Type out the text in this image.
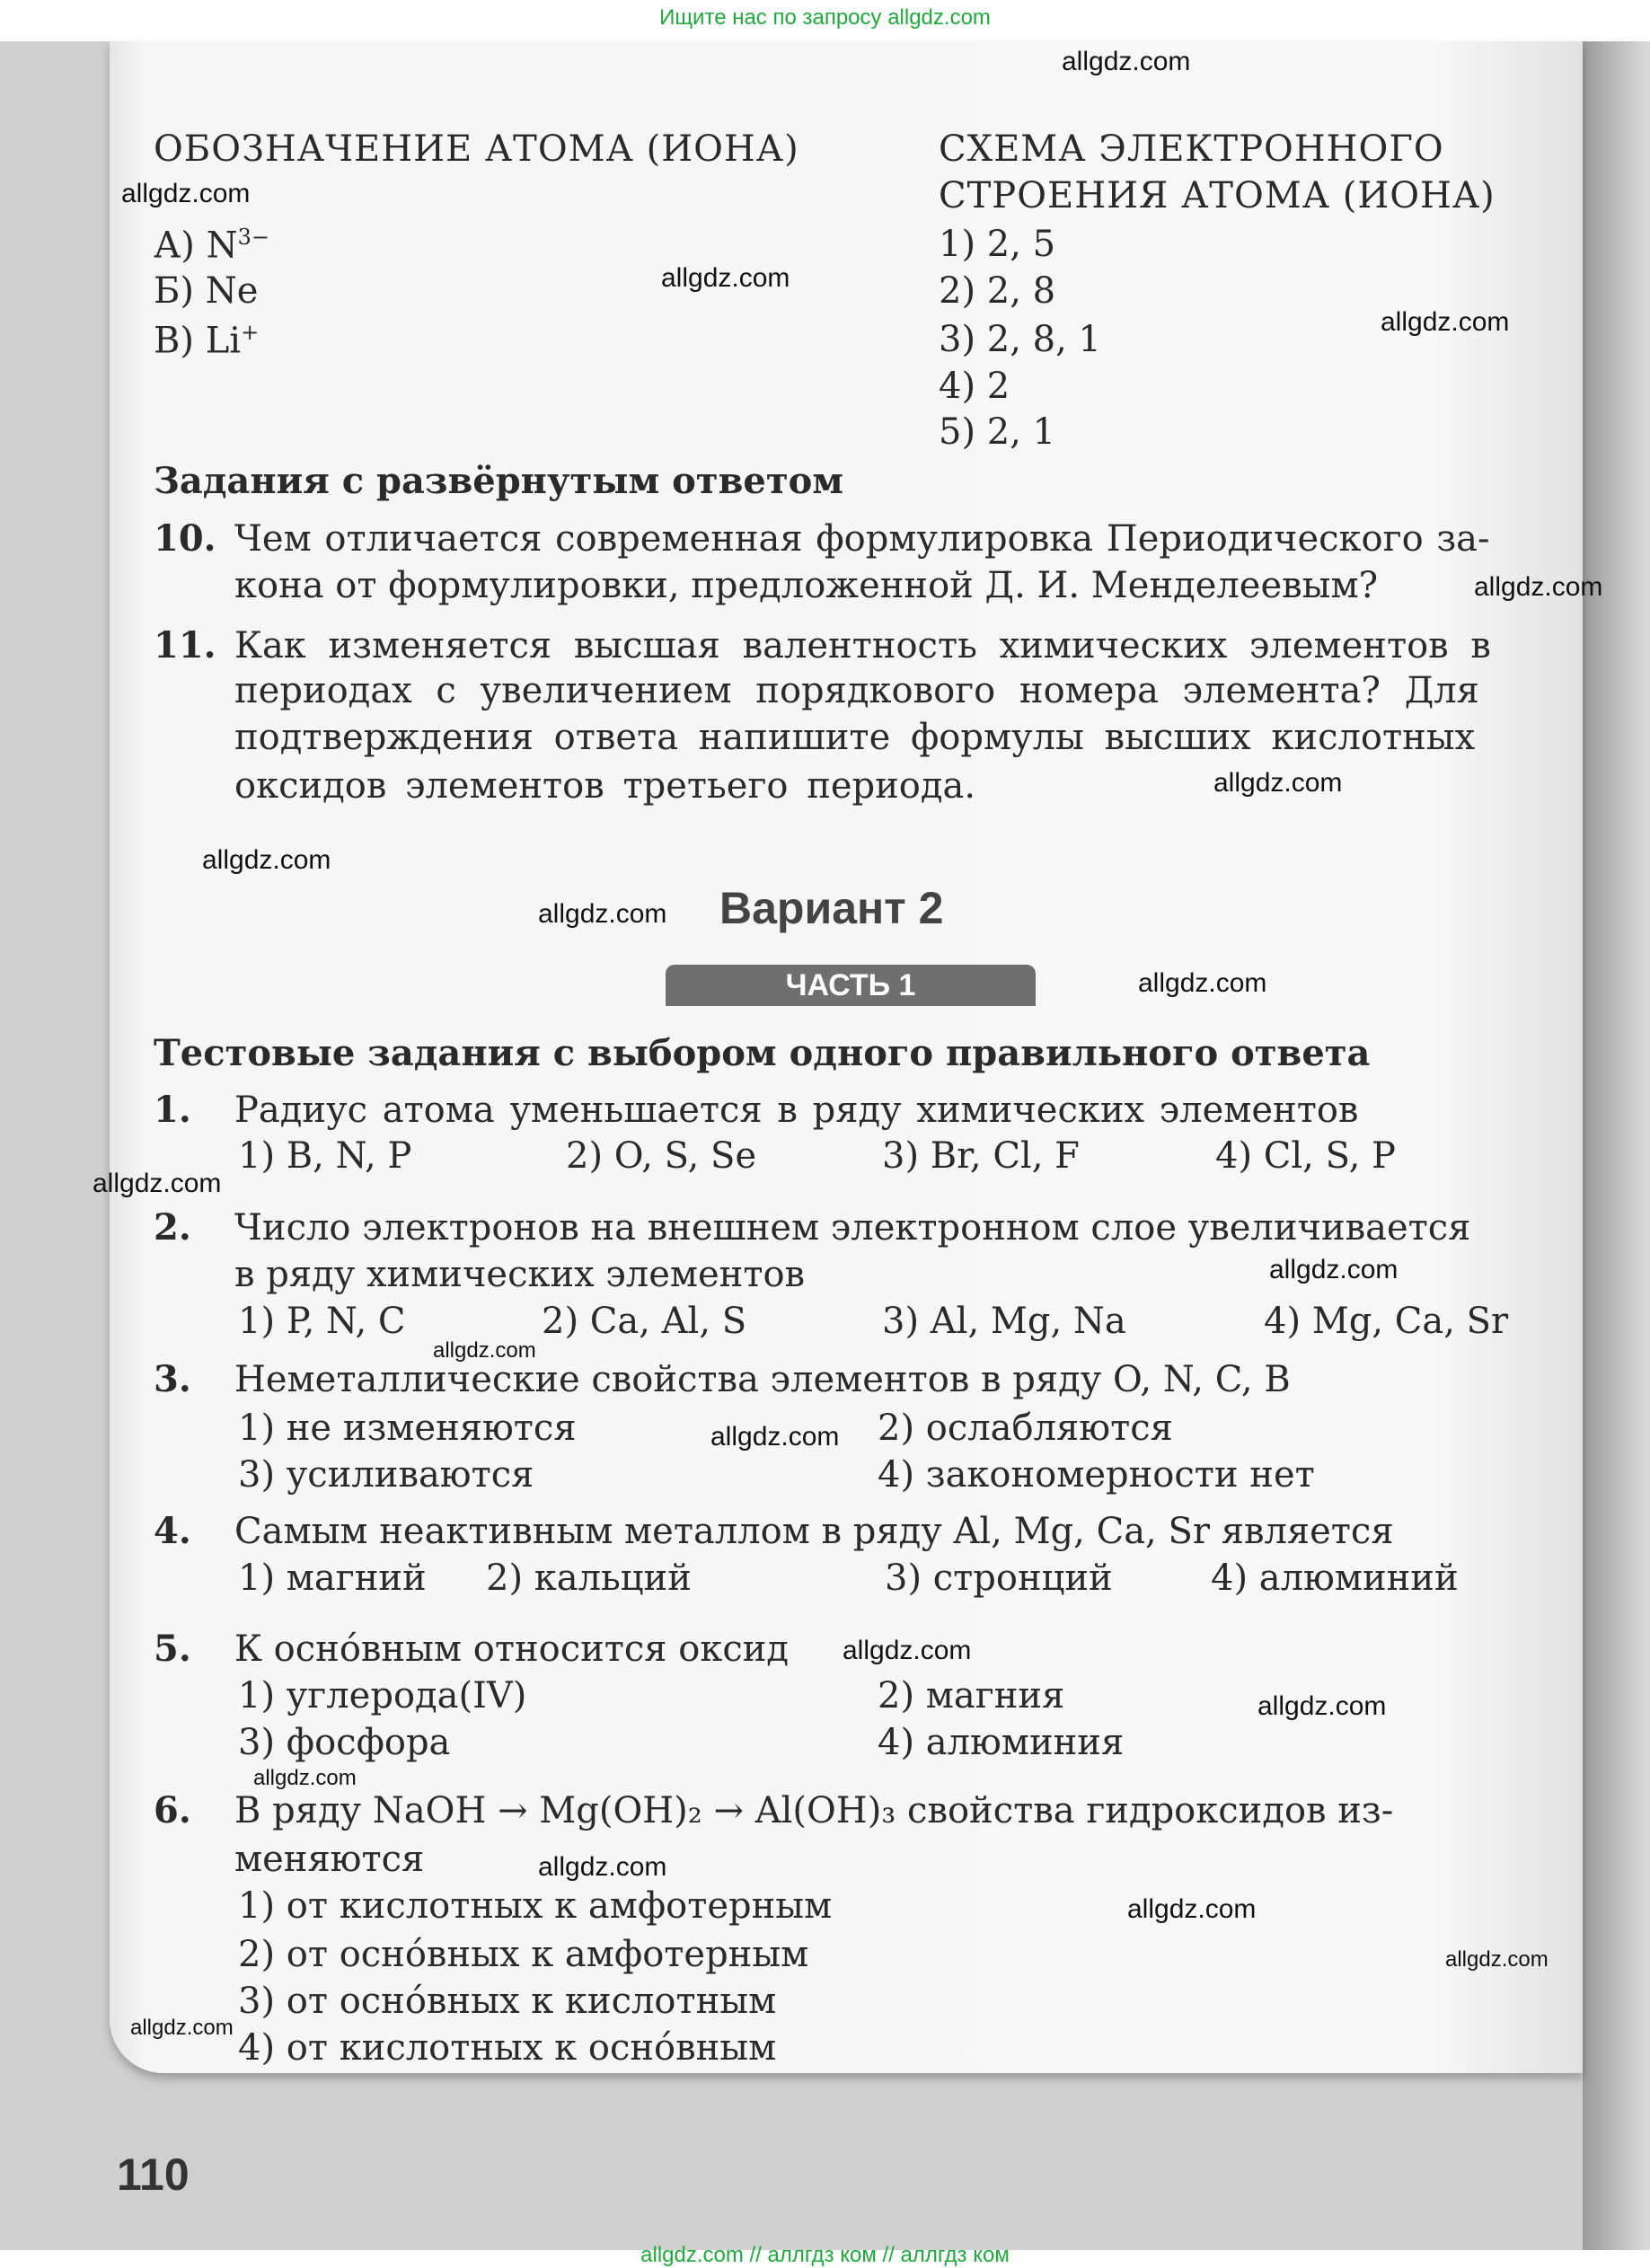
Ищите нас по запросу allgdz.com
ОБОЗНАЧЕНИЕ АТОМА (ИОНА)	СХЕМА ЭЛЕКТРОННОГО
СТРОЕНИЯ АТОМА (ИОНА)
А) $N^{3-}$
Б) Ne
В) Li+
1) 2, 5
2) 2, 8
3) 2, 8, 1
4) 2
5) 2, 1
Задания с развёрнутым ответом
10. Чем отличается современная формулировка Периодического за-
кона от формулировки, предложенной Д. И. Менделеевым?
11. Как изменяется высшая валентность химических элементов в
периодах с увеличением порядкового номера элемента? Для
подтверждения ответа напишите формулы высших кислотных
оксидов элементов третьего периода.
Вариант 2
ЧАСТЬ 1
Тестовые задания с выбором одного правильного ответа
1. Радиус атома уменьшается в ряду химических элементов
1) B, N, P	2) O, S, Se	3) Br, Cl, F	4) Cl, S, P
2. Число электронов на внешнем электронном слое увеличивается
в ряду химических элементов
1) P, N, C	2) Ca, Al, S	3) Al, Mg, Na	4) Mg, Ca, Sr
3. Неметаллические свойства элементов в ряду O, N, C, B
1) не изменяются	2) ослабляются
3) усиливаются	4) закономерности нет
4. Самым неактивным металлом в ряду Al, Mg, Ca, Sr является
1) магний 2) кальций	3) стронций	4) алюминий
5. К оснóвным относится оксид
1) углерода(IV)	2) магния
3) фосфора	4) алюминия
6. В ряду NaOH → Mg(OH)₂ → Al(OH)₃ свойства гидроксидов из-
меняются
1) от кислотных к амфотерным
2) от оснóвных к амфотерным
3) от оснóвных к кислотным
4) от кислотных к оснóвным
110
allgdz.com
allgdz.com
allgdz.com
allgdz.com
allgdz.com
allgdz.com
allgdz.com
allgdz.com
allgdz.com
allgdz.com
allgdz.com
allgdz.com
allgdz.com
allgdz.com
allgdz.com
allgdz.com
allgdz.com
allgdz.com
allgdz.com
allgdz.com
allgdz.com // аллгдз ком // аллгдз ком
